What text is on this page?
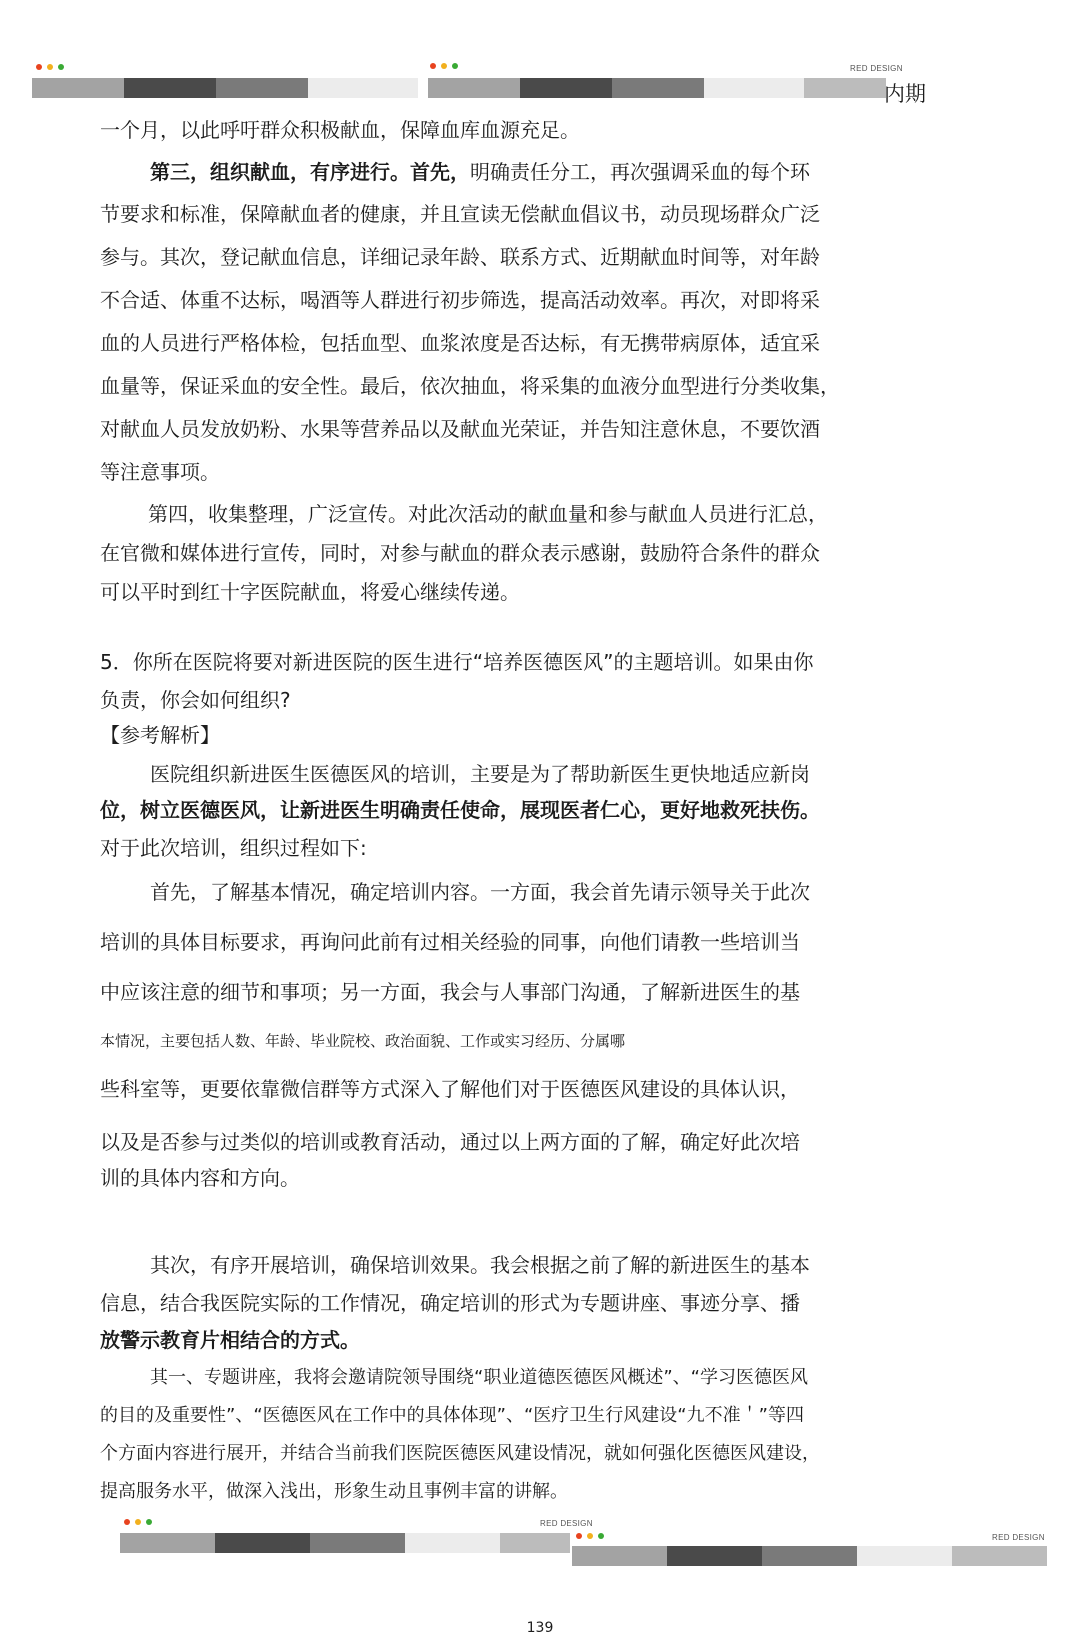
RED DESIGN
内期
一个月，以此呼吁群众积极献血，保障血库血源充足。
第三，组织献血，有序进行。首先，明确责任分工，再次强调采血的每个环
节要求和标准，保障献血者的健康，并且宣读无偿献血倡议书，动员现场群众广泛
参与。其次，登记献血信息，详细记录年龄、联系方式、近期献血时间等，对年龄
不合适、体重不达标，喝酒等人群进行初步筛选，提高活动效率。再次，对即将采
血的人员进行严格体检，包括血型、血浆浓度是否达标，有无携带病原体，适宜采
血量等，保证采血的安全性。最后，依次抽血，将采集的血液分血型进行分类收集，
对献血人员发放奶粉、水果等营养品以及献血光荣证，并告知注意休息，不要饮酒
等注意事项。
第四，收集整理，广泛宣传。对此次活动的献血量和参与献血人员进行汇总，
在官微和媒体进行宣传，同时，对参与献血的群众表示感谢，鼓励符合条件的群众
可以平时到红十字医院献血，将爱心继续传递。
5．你所在医院将要对新进医院的医生进行“培养医德医风”的主题培训。如果由你
负责，你会如何组织?
【参考解析】
医院组织新进医生医德医风的培训，主要是为了帮助新医生更快地适应新岗
位，树立医德医风，让新进医生明确责任使命，展现医者仁心，更好地救死扶伤。
对于此次培训，组织过程如下:
首先，了解基本情况，确定培训内容。一方面，我会首先请示领导关于此次
培训的具体目标要求，再询问此前有过相关经验的同事，向他们请教一些培训当
中应该注意的细节和事项；另一方面，我会与人事部门沟通，了解新进医生的基
本情况，主要包括人数、年龄、毕业院校、政治面貌、工作或实习经历、分属哪
些科室等，更要依靠微信群等方式深入了解他们对于医德医风建设的具体认识，
以及是否参与过类似的培训或教育活动，通过以上两方面的了解，确定好此次培
训的具体内容和方向。
其次，有序开展培训，确保培训效果。我会根据之前了解的新进医生的基本
信息，结合我医院实际的工作情况，确定培训的形式为专题讲座、事迹分享、播
放警示教育片相结合的方式。
其一、专题讲座，我将会邀请院领导围绕“职业道德医德医风概述”、“学习医德医风
的目的及重要性”、“医德医风在工作中的具体体现”、“医疗卫生行风建设“九不准＇”等四
个方面内容进行展开，并结合当前我们医院医德医风建设情况，就如何强化医德医风建设，
提高服务水平，做深入浅出，形象生动且事例丰富的讲解。
RED DESIGN
RED DESIGN
139
